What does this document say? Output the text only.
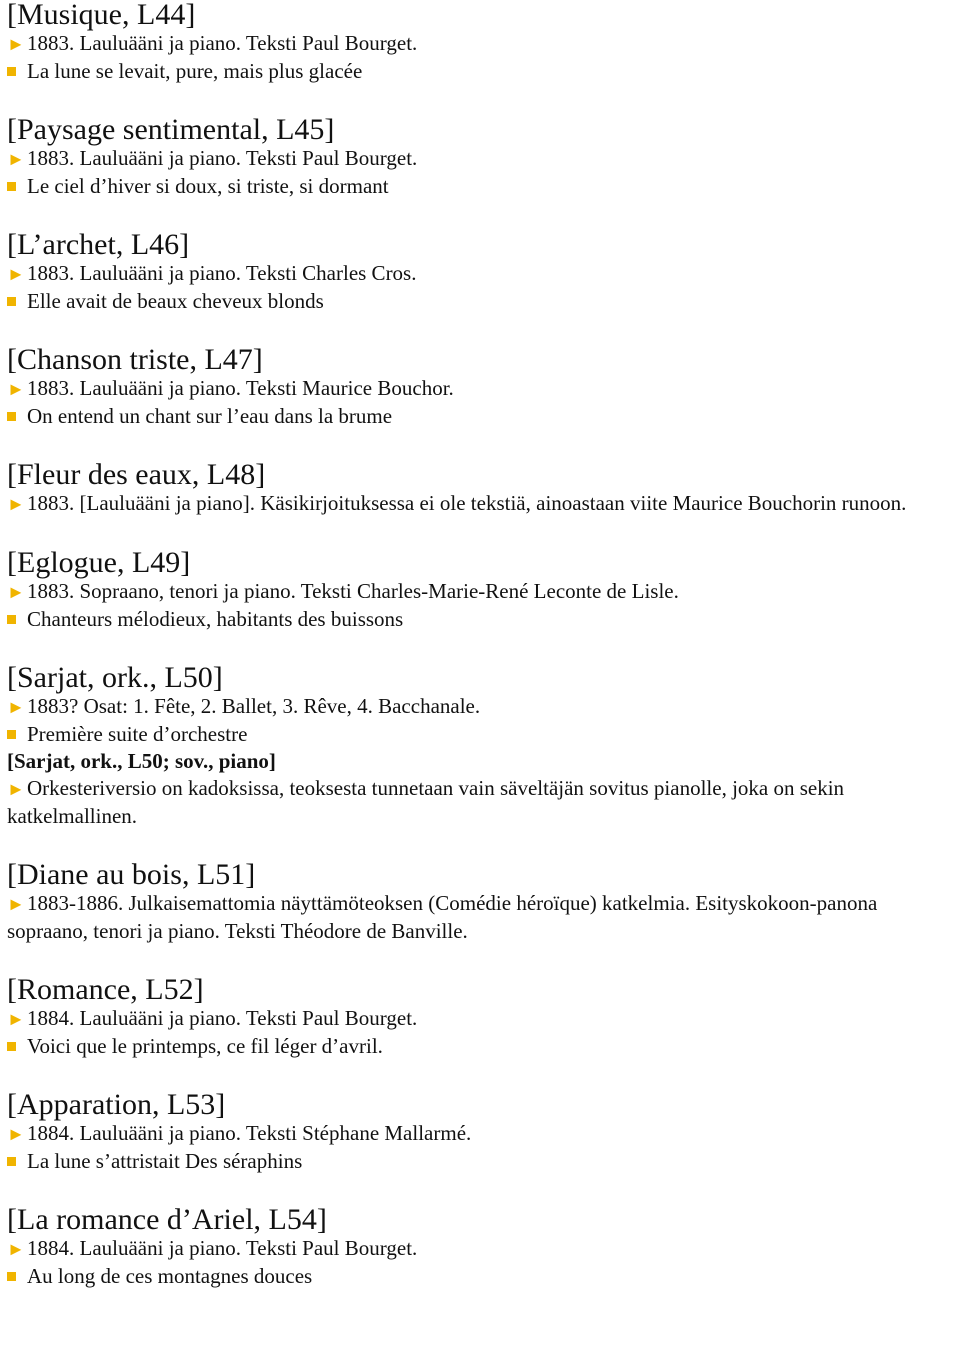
[Musique, L44]

► 1883. Lauluääni ja piano. Teksti Paul Bourget.

La lune se levait, pure, mais plus glacée

[Paysage sentimental, L45]

► 1883. Lauluääni ja piano. Teksti Paul Bourget.

Le ciel d’hiver si doux, si triste, si dormant

[L’archet, L46]

► 1883. Lauluääni ja piano. Teksti Charles Cros.

Elle avait de beaux cheveux blonds

[Chanson triste, L47]

► 1883. Lauluääni ja piano. Teksti Maurice Bouchor.

On entend un chant sur l’eau dans la brume

[Fleur des eaux, L48]

► 1883. [Lauluääni ja piano]. Käsikirjoituksessa ei ole tekstiä, ainoastaan viite Maurice Bouchorin runoon.

[Eglogue, L49]

► 1883. Sopraano, tenori ja piano. Teksti Charles-Marie-René Leconte de Lisle.

Chanteurs mélodieux, habitants des buissons

[Sarjat, ork., L50]

► 1883? Osat: 1. Fête, 2. Ballet, 3. Rêve, 4. Bacchanale.

Première suite d’orchestre

[Sarjat, ork., L50; sov., piano]

► Orkesteriversio on kadoksissa, teoksesta tunnetaan vain säveltäjän sovitus pianolle, joka on sekin katkelmallinen.

[Diane au bois, L51]

► 1883-1886. Julkaisemattomia näyttämöteoksen (Comédie héroïque) katkelmia. Esityskokoon-panona sopraano, tenori ja piano. Teksti Théodore de Banville.

[Romance, L52]

► 1884. Lauluääni ja piano. Teksti Paul Bourget.

Voici que le printemps, ce fil léger d’avril.

[Apparation, L53]

► 1884. Lauluääni ja piano. Teksti Stéphane Mallarmé.

La lune s’attristait Des séraphins

[La romance d’Ariel, L54]

► 1884. Lauluääni ja piano. Teksti Paul Bourget.

Au long de ces montagnes douces
